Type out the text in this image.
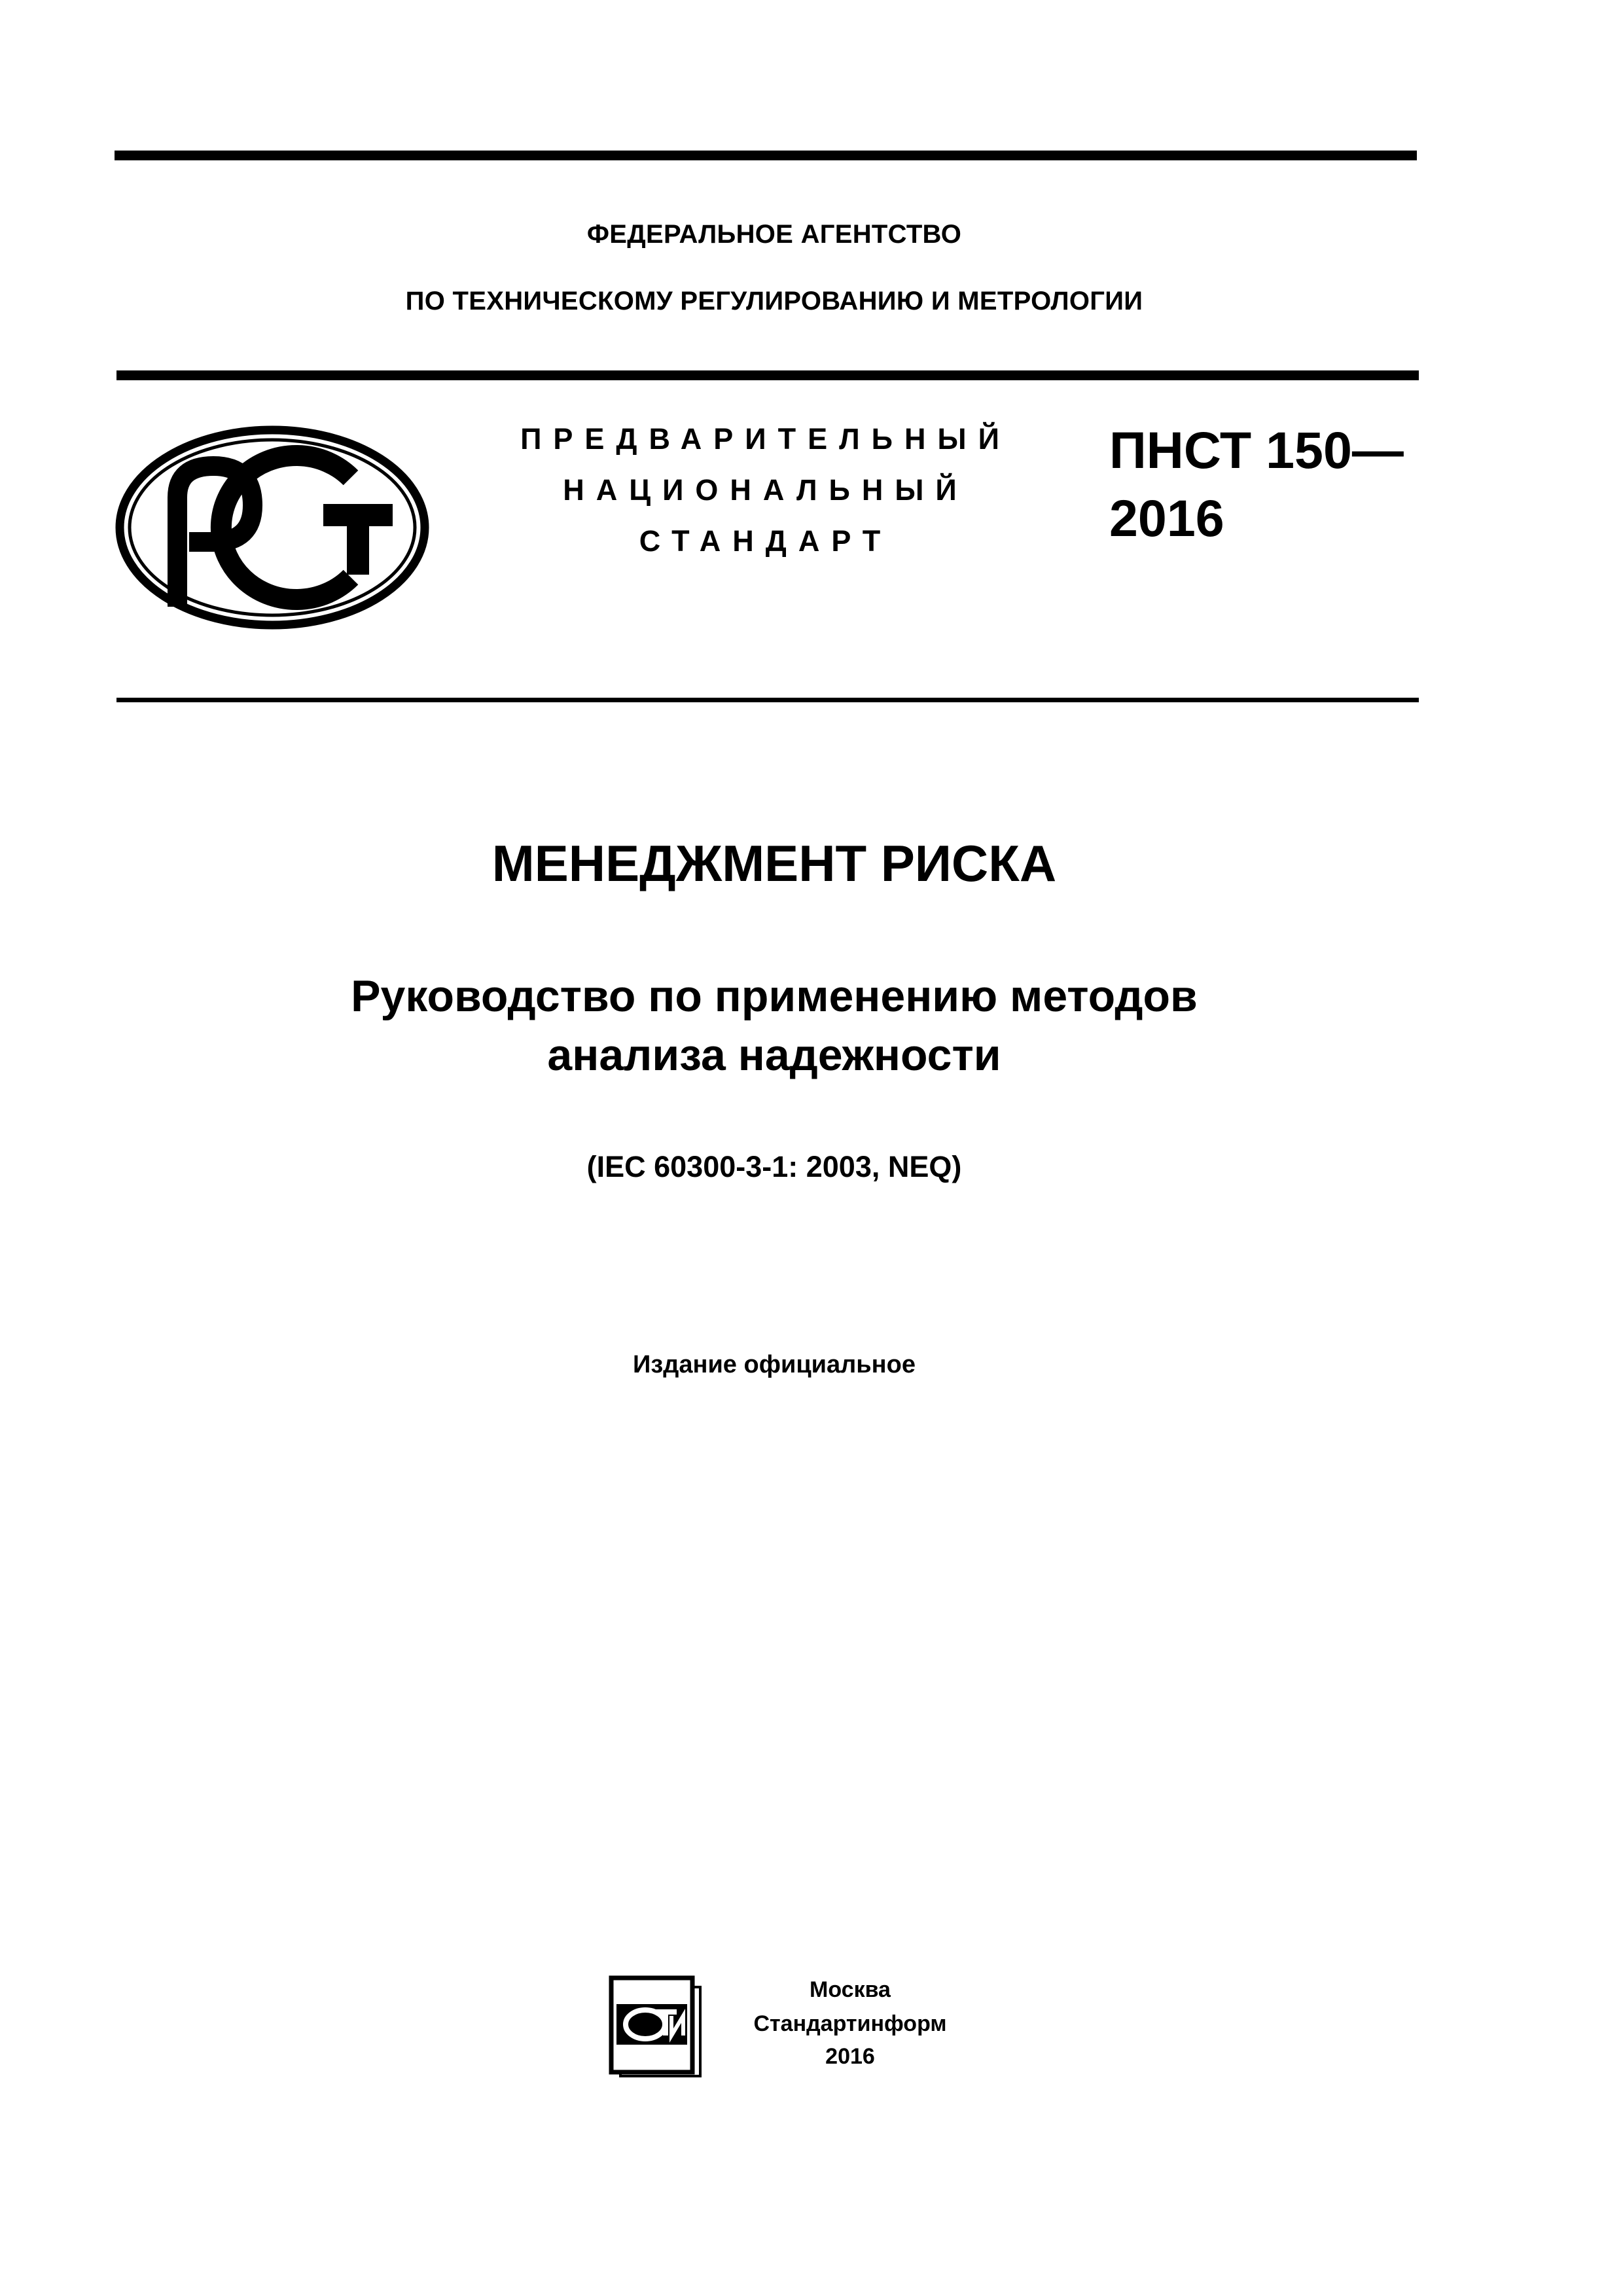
ФЕДЕРАЛЬНОЕ АГЕНТСТВО
ПО ТЕХНИЧЕСКОМУ РЕГУЛИРОВАНИЮ И МЕТРОЛОГИИ
ПРЕДВАРИТЕЛЬНЫЙ
НАЦИОНАЛЬНЫЙ
СТАНДАРТ
ПНСТ 150—
2016
МЕНЕДЖМЕНТ РИСКА
Руководство по применению методов
анализа надежности
(IEC 60300-3-1: 2003, NEQ)
Издание официальное
Москва
Стандартинформ
2016
